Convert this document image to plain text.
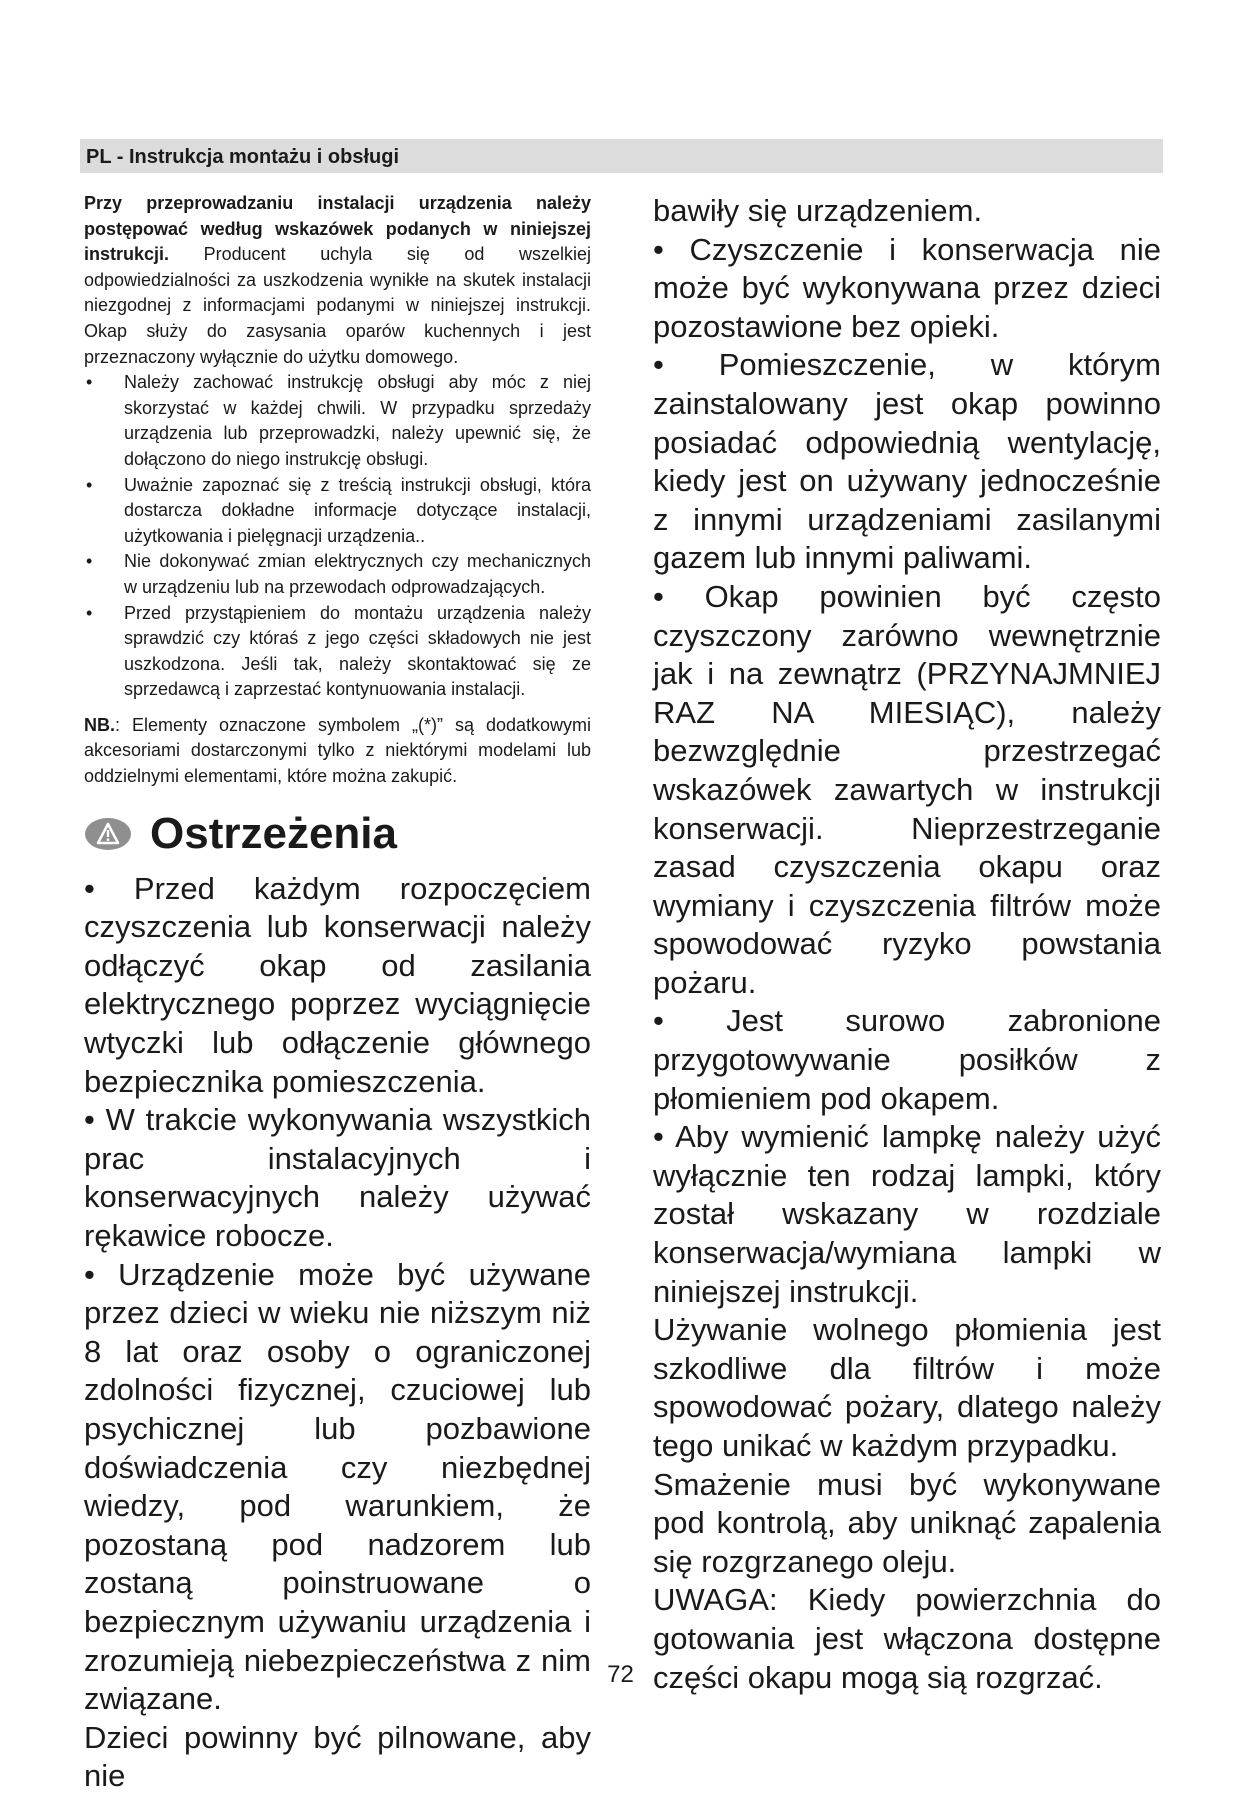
PL - Instrukcja montażu i obsługi

Przy przeprowadzaniu instalacji urządzenia należy postępować według wskazówek podanych w niniejszej instrukcji. Producent uchyla się od wszelkiej odpowiedzialności za uszkodzenia wynikłe na skutek instalacji niezgodnej z informacjami podanymi w niniejszej instrukcji. Okap służy do zasysania oparów kuchennych i jest przeznaczony wyłącznie do użytku domowego.

• Należy zachować instrukcję obsługi aby móc z niej skorzystać w każdej chwili. W przypadku sprzedaży urządzenia lub przeprowadzki, należy upewnić się, że dołączono do niego instrukcję obsługi.
• Uważnie zapoznać się z treścią instrukcji obsługi, która dostarcza dokładne informacje dotyczące instalacji, użytkowania i pielęgnacji urządzenia..
• Nie dokonywać zmian elektrycznych czy mechanicznych w urządzeniu lub na przewodach odprowadzających.
• Przed przystąpieniem do montażu urządzenia należy sprawdzić czy któraś z jego części składowych nie jest uszkodzona. Jeśli tak, należy skontaktować się ze sprzedawcą i zaprzestać kontynuowania instalacji.

NB.: Elementy oznaczone symbolem „(*)” są dodatkowymi akcesoriami dostarczonymi tylko z niektórymi modelami lub oddzielnymi elementami, które można zakupić.

Ostrzeżenia

• Przed każdym rozpoczęciem czyszczenia lub konserwacji należy odłączyć okap od zasilania elektrycznego poprzez wyciągnięcie wtyczki lub odłączenie głównego bezpiecznika pomieszczenia.

• W trakcie wykonywania wszystkich prac instalacyjnych i konserwacyjnych należy używać rękawice robocze.

• Urządzenie może być używane przez dzieci w wieku nie niższym niż 8 lat oraz osoby o ograniczonej zdolności fizycznej, czuciowej lub psychicznej lub pozbawione doświadczenia czy niezbędnej wiedzy, pod warunkiem, że pozostaną pod nadzorem lub zostaną poinstruowane o bezpiecznym używaniu urządzenia i zrozumieją niebezpieczeństwa z nim związane.

Dzieci powinny być pilnowane, aby nie

bawiły się urządzeniem.

• Czyszczenie i konserwacja nie może być wykonywana przez dzieci pozostawione bez opieki.

• Pomieszczenie, w którym zainstalowany jest okap powinno posiadać odpowiednią wentylację, kiedy jest on używany jednocześnie z innymi urządzeniami zasilanymi gazem lub innymi paliwami.

• Okap powinien być często czyszczony zarówno wewnętrznie jak i na zewnątrz (PRZYNAJMNIEJ RAZ NA MIESIĄC), należy bezwzględnie przestrzegać wskazówek zawartych w instrukcji konserwacji. Nieprzestrzeganie zasad czyszczenia okapu oraz wymiany i czyszczenia filtrów może spowodować ryzyko powstania pożaru.

• Jest surowo zabronione przygotowywanie posiłków z płomieniem pod okapem.

• Aby wymienić lampkę należy użyć wyłącznie ten rodzaj lampki, który został wskazany w rozdziale konserwacja/wymiana lampki w niniejszej instrukcji.

Używanie wolnego płomienia jest szkodliwe dla filtrów i może spowodować pożary, dlatego należy tego unikać w każdym przypadku.

Smażenie musi być wykonywane pod kontrolą, aby uniknąć zapalenia się rozgrzanego oleju.

UWAGA: Kiedy powierzchnia do gotowania jest włączona dostępne części okapu mogą sią rozgrzać.

72
